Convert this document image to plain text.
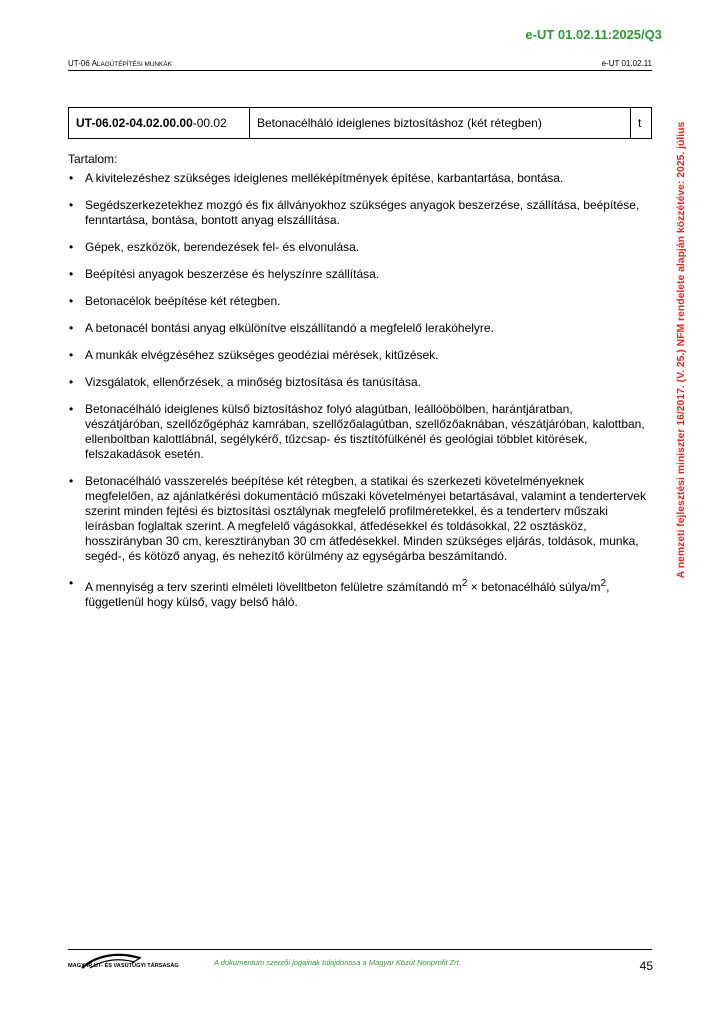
e-UT 01.02.11:2025/Q3
UT-06 ALAGÚTÉPÍTÉSI MUNKÁK	e-UT 01.02.11
A nemzeti fejlesztési miniszter 16/2017. (V. 25.) NFM rendelete alapján közzétéve: 2025. július
UT-06.02-04.02.00.00-00.02	Betonacélháló ideiglenes biztosításhoz (két rétegben)	t
Tartalom:
• A kivitelezéshez szükséges ideiglenes melléképítmények építése, karbantartása, bontása.
• Segédszerkezetekhez mozgó és fix állványokhoz szükséges anyagok beszerzése, szállítása, beépítése, fenntartása, bontása, bontott anyag elszállítása.
• Gépek, eszközök, berendezések fel- és elvonulása.
• Beépítési anyagok beszerzése és helyszínre szállítása.
• Betonacélok beépítése két rétegben.
• A betonacél bontási anyag elkülönítve elszállítandó a megfelelő lerakóhelyre.
• A munkák elvégzéséhez szükséges geodéziai mérések, kitűzések.
• Vizsgálatok, ellenőrzések, a minőség biztosítása és tanúsítása.
• Betonacélháló ideiglenes külső biztosításhoz folyó alagútban, leállóöbölben, harántjáratban, vészátjáróban, szellőzőgépház kamrában, szellőzőalagútban, szellőzőaknában, vészátjáróban, kalottban, ellenboltban kalottlábnál, segélykérő, tűzcsap- és tisztítófülkénél és geológiai többlet kitörések, felszakadások esetén.
• Betonacélháló vasszerelés beépítése két rétegben, a statikai és szerkezeti követelményeknek megfelelően, az ajánlatkérési dokumentáció műszaki követelményei betartásával, valamint a tendertervek szerint minden fejtési és biztosítási osztálynak megfelelő profilméretekkel, és a tenderterv műszaki leírásban foglaltak szerint. A megfelelő vágásokkal, átfedésekkel és toldásokkal, 22 osztásköz, hosszirányban 30 cm, keresztirányban 30 cm átfedésekkel. Minden szükséges eljárás, toldások, munka, segéd-, és kötöző anyag, és nehezítő körülmény az egységárba beszámítandó.
• A mennyiség a terv szerinti elméleti lövelltbeton felületre számítandó $m^2$ × betonacélháló súlya/$m^2$, függetlenül hogy külső, vagy belső háló.
MAGYAR ÚT- ÉS VASÚTÜGYI TÁRSASÁG	A dokumentum szerzői jogainak tulajdonosa a Magyar Közút Nonprofit Zrt.	45
